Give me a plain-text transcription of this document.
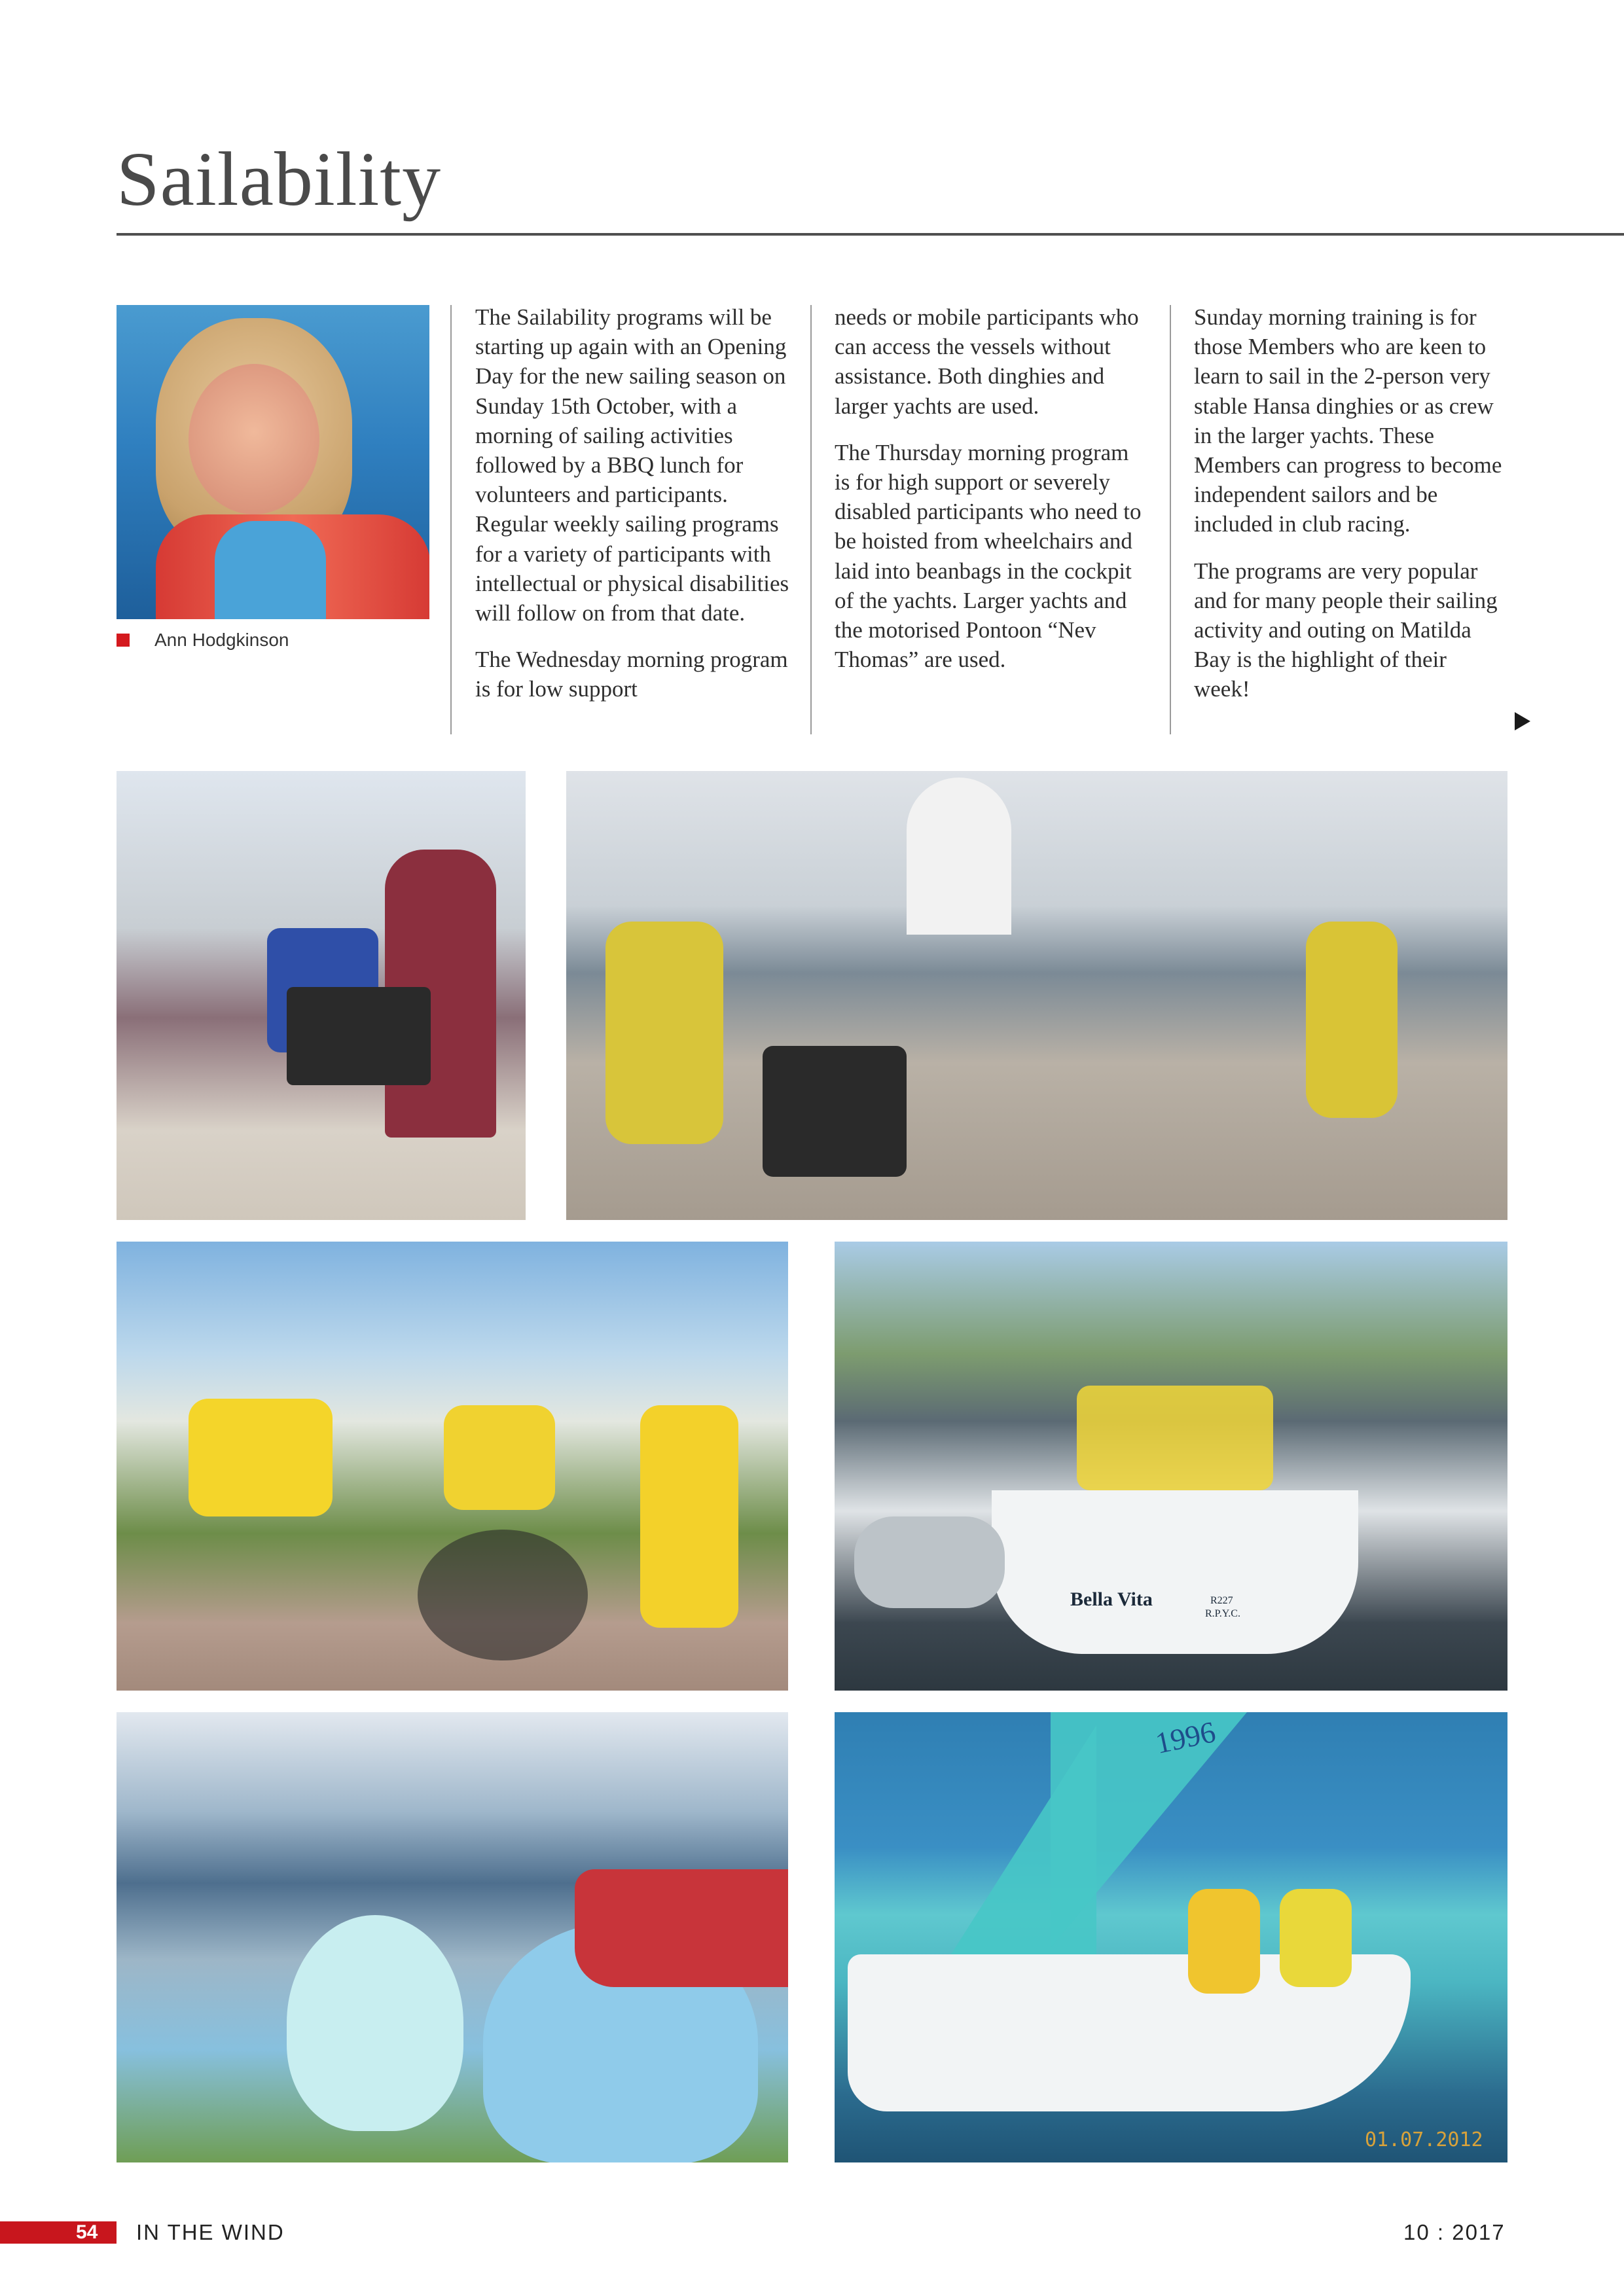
Sailability
Ann Hodgkinson

The Sailability programs will be starting up again with an Opening Day for the new sailing season on Sunday 15th October, with a morning of sailing activities followed by a BBQ lunch for volunteers and participants. Regular weekly sailing programs for a variety of participants with intellectual or physical disabilities will follow on from that date.

The Wednesday morning program is for low support

needs or mobile participants who can access the vessels without assistance. Both dinghies and larger yachts are used.

The Thursday morning program is for high support or severely disabled participants who need to be hoisted from wheelchairs and laid into beanbags in the cockpit of the yachts. Larger yachts and the motorised Pontoon “Nev Thomas” are used.

Sunday morning training is for those Members who are keen to learn to sail in the 2-person very stable Hansa dinghies or as crew in the larger yachts. These Members can progress to become independent sailors and be included in club racing.

The programs are very popular and for many people their sailing activity and outing on Matilda Bay is the highlight of their week!

Bella Vita	R227
R.P.Y.C.
1996
01.07.2012
54 IN THE WIND	10 : 2017
